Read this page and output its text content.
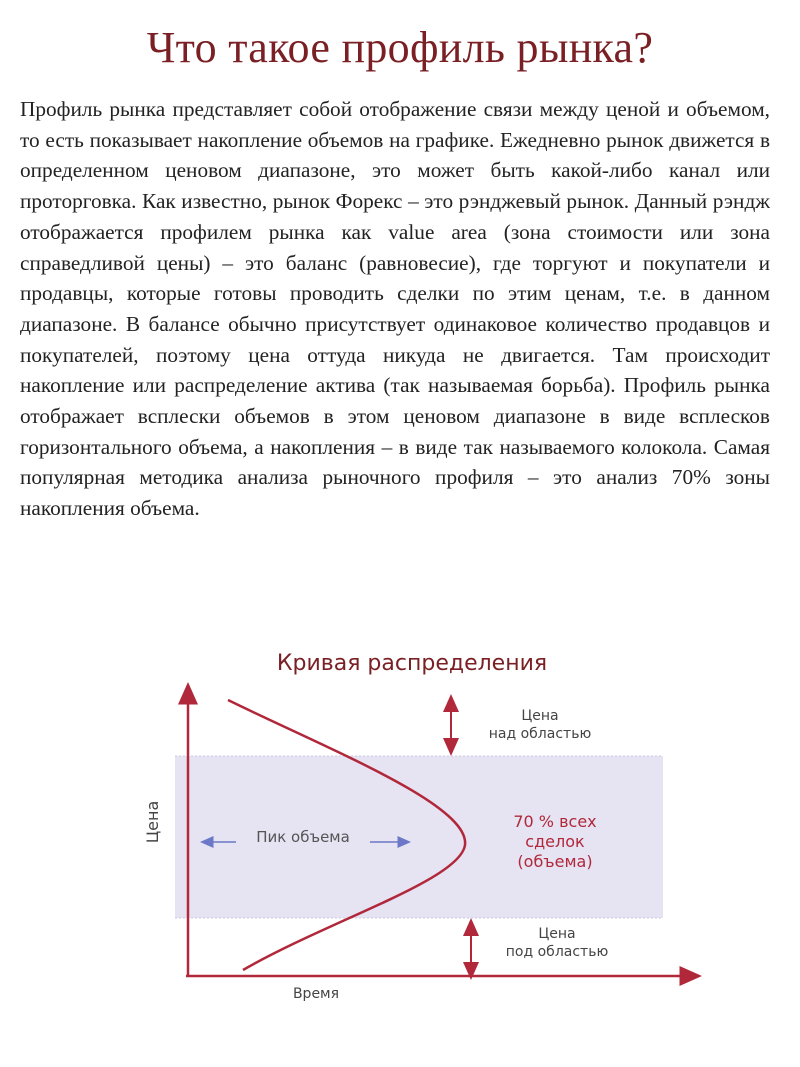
Что такое профиль рынка?

Профиль рынка представляет собой отображение связи между ценой и объемом, то есть показывает накопление объемов на графике. Ежедневно рынок движется в определенном ценовом диапазоне, это может быть какой-либо канал или проторговка. Как известно, рынок Форекс – это рэнджевый рынок. Данный рэндж отображается профилем рынка как value area (зона стоимости или зона справедливой цены) – это баланс (равновесие), где торгуют и покупатели и продавцы, которые готовы проводить сделки по этим ценам, т.е. в данном диапазоне. В балансе обычно присутствует одинаковое количество продавцов и покупателей, поэтому цена оттуда никуда не двигается. Там происходит накопление или распределение актива (так называемая борьба). Профиль рынка отображает всплески объемов в этом ценовом диапазоне в виде всплесков горизонтального объема, а накопления – в виде так называемого колокола. Самая популярная методика анализа рыночного профиля – это анализ 70% зоны накопления объема.

Кривая распределения
Пик объема
Цена
над областью
70 % всех
сделок
(объема)
Цена
под областью
Цена
Время
